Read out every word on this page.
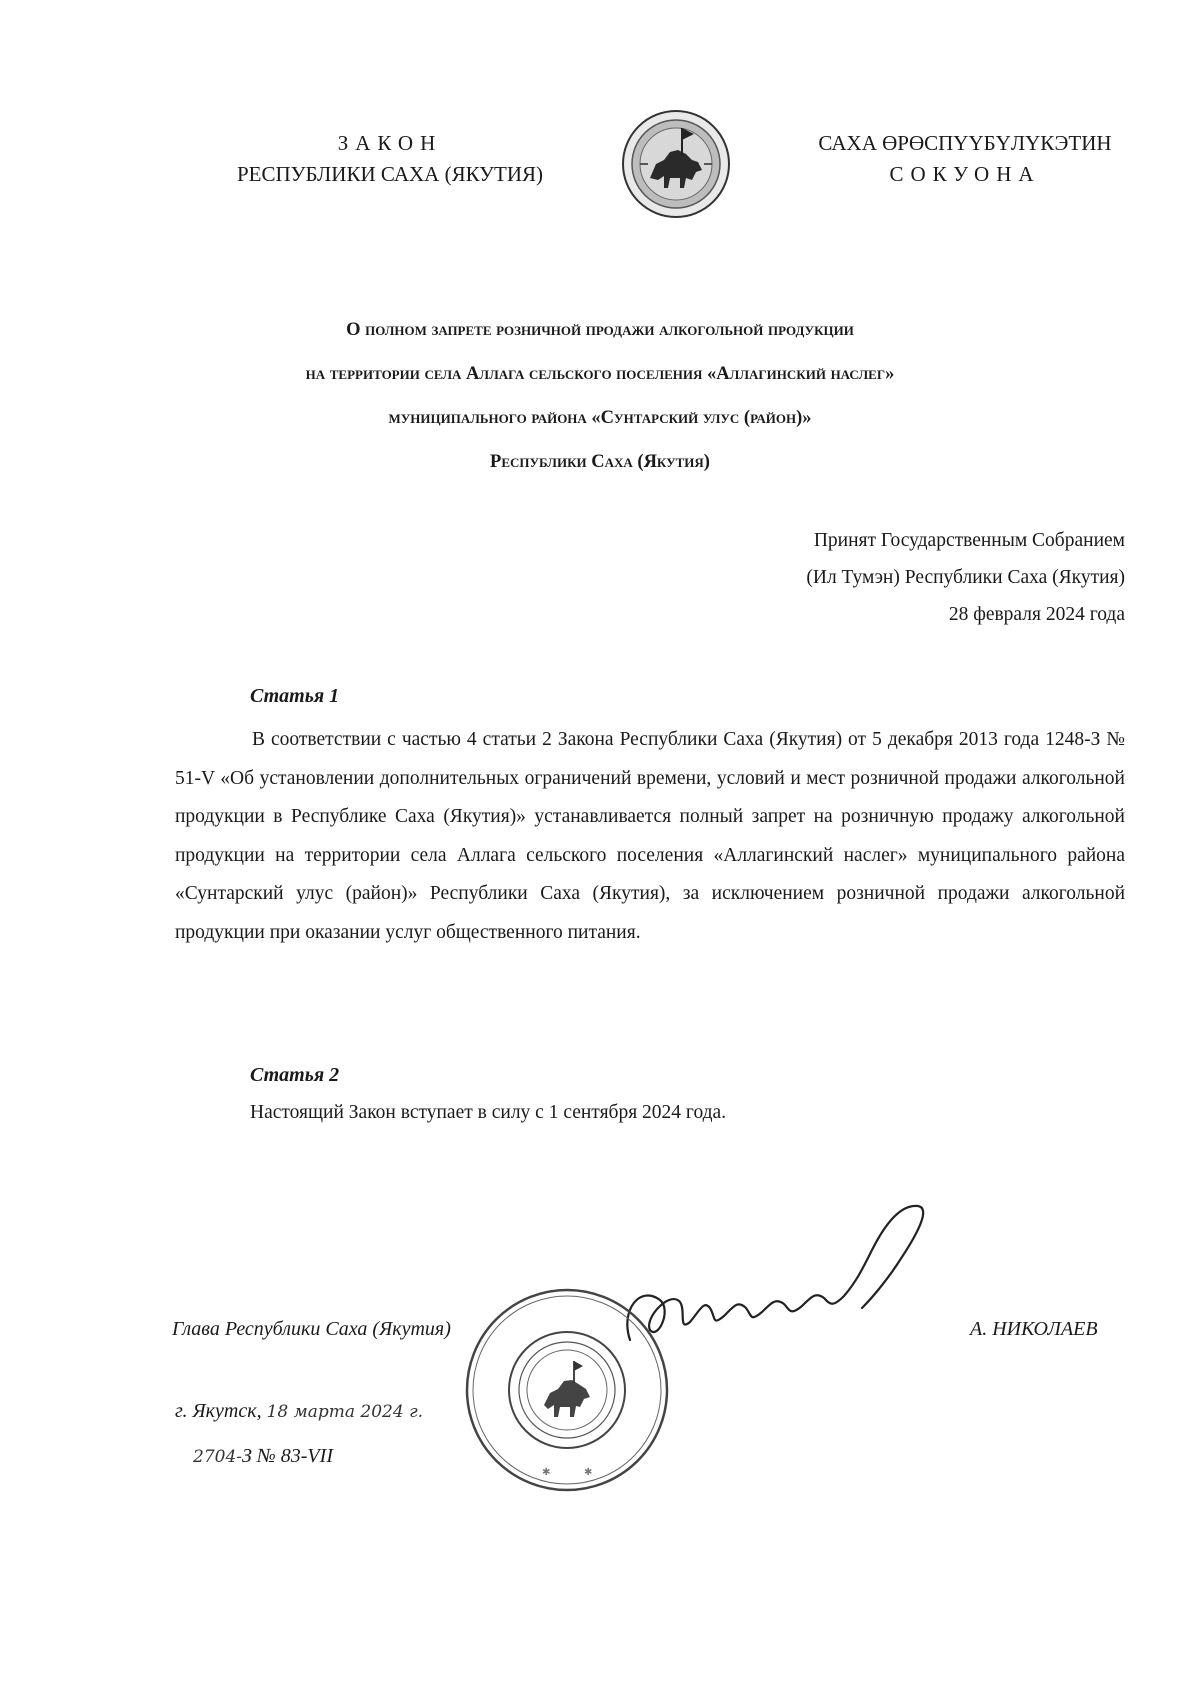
ЗАКОН
РЕСПУБЛИКИ САХА (ЯКУТИЯ)
САХА ӨРӨСПҮҮБҮЛҮКЭТИН
СОКУОНА
О полном запрете розничной продажи алкогольной продукции
на территории села Аллага сельского поселения «Аллагинский наслег»
муниципального района «Сунтарский улус (район)»
Республики Саха (Якутия)
Принят Государственным Собранием
(Ил Тумэн) Республики Саха (Якутия)
28 февраля 2024 года
Статья 1
В соответствии с частью 4 статьи 2 Закона Республики Саха (Якутия) от 5 декабря 2013 года 1248-З № 51-V «Об установлении дополнительных ограничений времени, условий и мест розничной продажи алкогольной продукции в Республике Саха (Якутия)» устанавливается полный запрет на розничную продажу алкогольной продукции на территории села Аллага сельского поселения «Аллагинский наслег» муниципального района «Сунтарский улус (район)» Республики Саха (Якутия), за исключением розничной продажи алкогольной продукции при оказании услуг общественного питания.
Статья 2
Настоящий Закон вступает в силу с 1 сентября 2024 года.
✱	✱
Глава Республики Саха (Якутия)	А. НИКОЛАЕВ
г. Якутск, 18 марта 2024 г.
2704-З № 83-VII
